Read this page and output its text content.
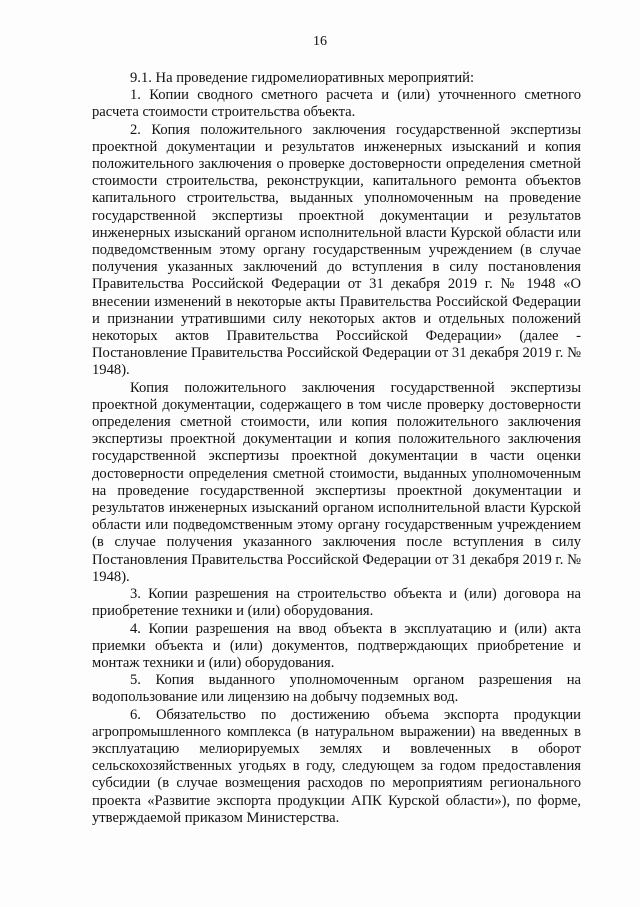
16

9.1. На проведение гидромелиоративных мероприятий:

1. Копии сводного сметного расчета и (или) уточненного сметного расчета стоимости строительства объекта.

2. Копия положительного заключения государственной экспертизы проектной документации и результатов инженерных изысканий и копия положительного заключения о проверке достоверности определения сметной стоимости строительства, реконструкции, капитального ремонта объектов капитального строительства, выданных уполномоченным на проведение государственной экспертизы проектной документации и результатов инженерных изысканий органом исполнительной власти Курской области или подведомственным этому органу государственным учреждением (в случае получения указанных заключений до вступления в силу постановления Правительства Российской Федерации от 31 декабря 2019 г. № 1948 «О внесении изменений в некоторые акты Правительства Российской Федерации и признании утратившими силу некоторых актов и отдельных положений некоторых актов Правительства Российской Федерации» (далее - Постановление Правительства Российской Федерации от 31 декабря 2019 г. № 1948).

Копия положительного заключения государственной экспертизы проектной документации, содержащего в том числе проверку достоверности определения сметной стоимости, или копия положительного заключения экспертизы проектной документации и копия положительного заключения государственной экспертизы проектной документации в части оценки достоверности определения сметной стоимости, выданных уполномоченным на проведение государственной экспертизы проектной документации и результатов инженерных изысканий органом исполнительной власти Курской области или подведомственным этому органу государственным учреждением (в случае получения указанного заключения после вступления в силу Постановления Правительства Российской Федерации от 31 декабря 2019 г. № 1948).

3. Копии разрешения на строительство объекта и (или) договора на приобретение техники и (или) оборудования.

4. Копии разрешения на ввод объекта в эксплуатацию и (или) акта приемки объекта и (или) документов, подтверждающих приобретение и монтаж техники и (или) оборудования.

5. Копия выданного уполномоченным органом разрешения на водопользование или лицензию на добычу подземных вод.

6. Обязательство по достижению объема экспорта продукции агропромышленного комплекса (в натуральном выражении) на введенных в эксплуатацию мелиорируемых землях и вовлеченных в оборот сельскохозяйственных угодьях в году, следующем за годом предоставления субсидии (в случае возмещения расходов по мероприятиям регионального проекта «Развитие экспорта продукции АПК Курской области»), по форме, утверждаемой приказом Министерства.
